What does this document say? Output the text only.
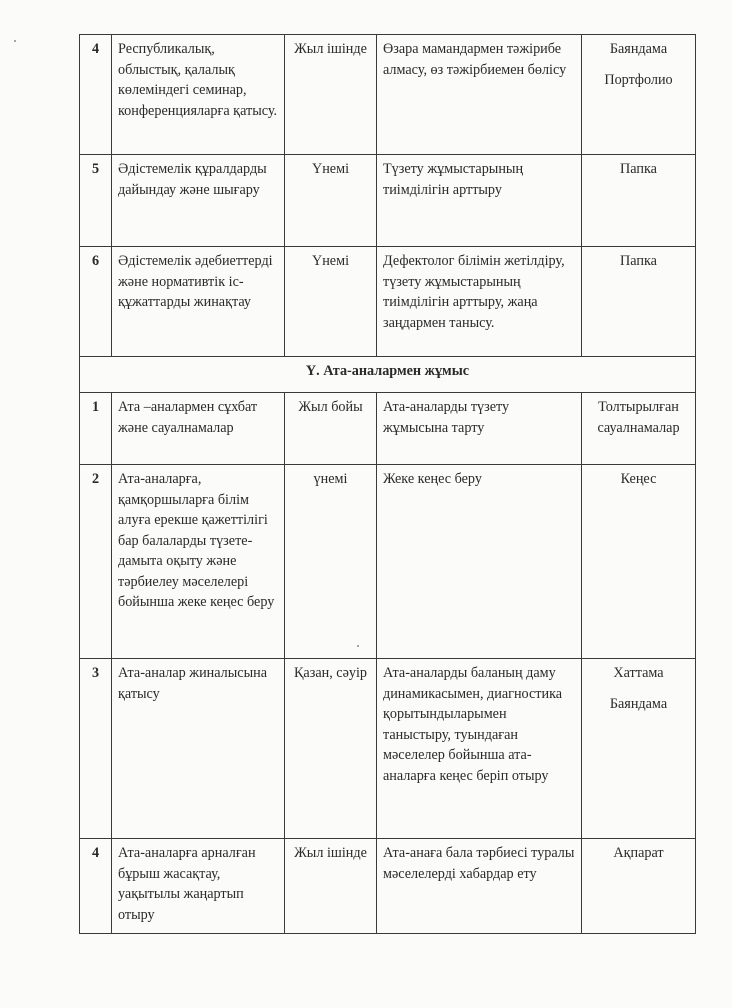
4	Республикалық, облыстық, қалалық көлеміндегі семинар, конференцияларға қатысу.	Жыл ішінде	Өзара мамандармен тәжірибе алмасу, өз тәжірбиемен бөлісу	Баяндама
Портфолио

5	Әдістемелік құралдарды дайындау және шығару	Үнемі	Түзету жұмыстарының тиімділігін арттыру	Папка

6	Әдістемелік әдебиеттерді және нормативтік іс-құжаттарды жинақтау	Үнемі	Дефектолог білімін жетілдіру, түзету жұмыстарының тиімділігін арттыру, жаңа заңдармен танысу.	Папка

Ү. Ата-аналармен жұмыс				
1	Ата –аналармен сұхбат және сауалнамалар	Жыл бойы	Ата-аналарды түзету жұмысына тарту	Толтырылған сауалнамалар

2	Ата-аналарға, қамқоршыларға білім алуға ерекше қажеттілігі бар балаларды түзете-дамыта оқыту және тәрбиелеу мәселелері бойынша жеке кеңес беру	үнемі	Жеке кеңес беру	Кеңес

3	Ата-аналар жиналысына қатысу	Қазан, сәуір	Ата-аналарды баланың даму динамикасымен, диагностика қорытындыларымен таныстыру, туындаған мәселелер бойынша ата-аналарға кеңес беріп отыру	Хаттама
Баяндама

4	Ата-аналарға арналған бұрыш жасақтау, уақытылы жаңартып отыру	Жыл ішінде	Ата-анаға бала тәрбиесі туралы мәселелерді хабардар ету	Ақпарат
